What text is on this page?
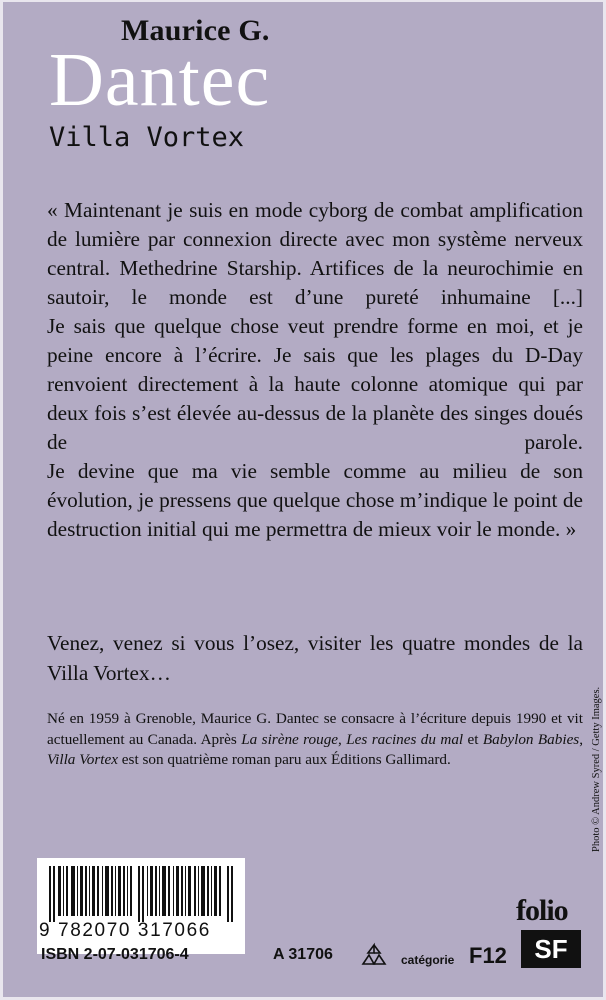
Maurice G.
Dantec
Villa Vortex

« Maintenant je suis en mode cyborg de combat amplification de lumière par connexion directe avec mon système nerveux central. Methedrine Starship. Artifices de la neurochimie en sautoir, le monde est d’une pureté inhumaine [...]

Je sais que quelque chose veut prendre forme en moi, et je peine encore à l’écrire. Je sais que les plages du D-Day renvoient directement à la haute colonne atomique qui par deux fois s’est élevée au-dessus de la planète des singes doués de parole.

Je devine que ma vie semble comme au milieu de son évolution, je pressens que quelque chose m’indique le point de destruction initial qui me permettra de mieux voir le monde. »

Venez, venez si vous l’osez, visiter les quatre mondes de la Villa Vortex…
Né en 1959 à Grenoble, Maurice G. Dantec se consacre à l’écriture depuis 1990 et vit actuellement au Canada. Après La sirène rouge, Les racines du mal et Babylon Babies, Villa Vortex est son quatrième roman paru aux Éditions Gallimard.	Photo © Andrew Syred / Getty Images.
9 782070 317066
ISBN 2-07-031706-4	A 31706	catégorie F12
folio
SF
